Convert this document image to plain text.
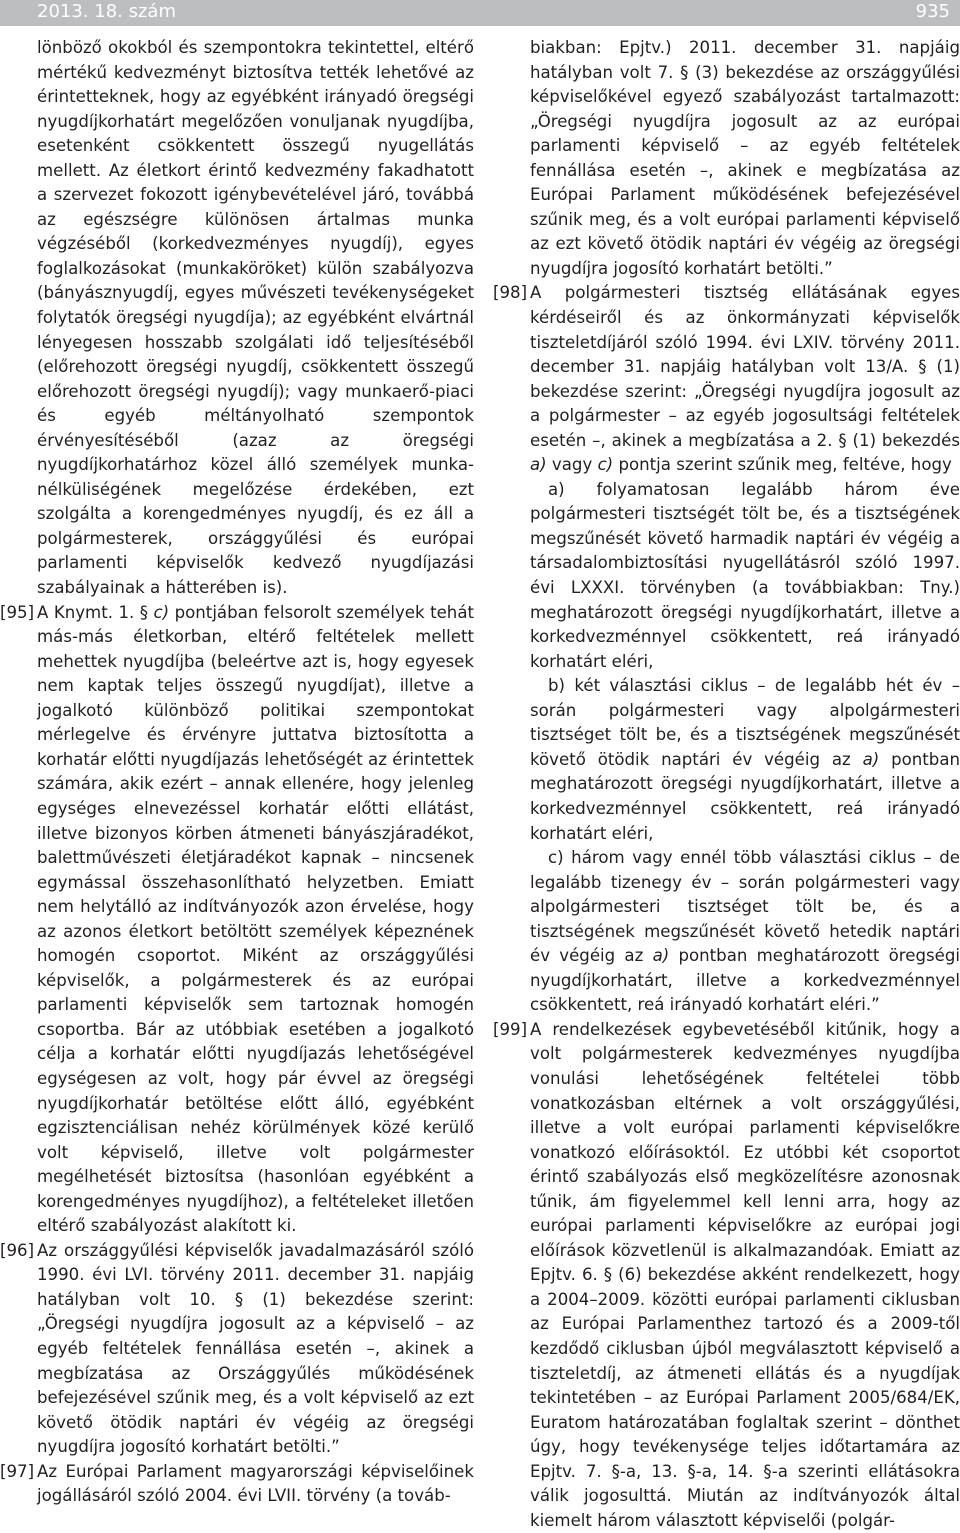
2013. 18. szám	935

lönböző okokból és szempontokra tekintettel, eltérő mértékű kedvezményt biztosítva tették lehetővé az érintetteknek, hogy az egyébként irányadó öregségi nyugdíjkorhatárt megelőzően vonuljanak nyugdíjba, esetenként csökkentett összegű nyugellátás mellett. Az életkort érintő kedvezmény fakadhatott a szervezet fokozott igénybevételével járó, továbbá az egészségre különösen ártalmas munka végzéséből (korkedvezményes nyugdíj), egyes foglalkozásokat (munkaköröket) külön szabályozva (bányásznyugdíj, egyes művészeti tevékenységeket folytatók öregségi nyugdíja); az egyébként elvártnál lényegesen hosszabb szolgálati idő teljesítéséből (előrehozott öregségi nyugdíj, csökkentett összegű előrehozott öregségi nyugdíj); vagy munkaerő-piaci és egyéb méltányolható szempontok érvényesítéséből (azaz az öregségi nyugdíjkorhatárhoz közel álló személyek munka-nélküliségének megelőzése érdekében, ezt szolgálta a korengedményes nyugdíj, és ez áll a polgármesterek, országgyűlési és európai parlamenti képviselők kedvező nyugdíjazási szabályainak a hátterében is).

[95] A Knymt. 1. § c) pontjában felsorolt személyek tehát más-más életkorban, eltérő feltételek mellett mehettek nyugdíjba (beleértve azt is, hogy egyesek nem kaptak teljes összegű nyugdíjat), illetve a jogalkotó különböző politikai szempontokat mérlegelve és érvényre juttatva biztosította a korhatár előtti nyugdíjazás lehetőségét az érintettek számára, akik ezért – annak ellenére, hogy jelenleg egységes elnevezéssel korhatár előtti ellátást, illetve bizonyos körben átmeneti bányászjáradékot, balettművészeti életjáradékot kapnak – nincsenek egymással összehasonlítható helyzetben. Emiatt nem helytálló az indítványozók azon érvelése, hogy az azonos életkort betöltött személyek képeznének homogén csoportot. Miként az országgyűlési képviselők, a polgármesterek és az európai parlamenti képviselők sem tartoznak homogén csoportba. Bár az utóbbiak esetében a jogalkotó célja a korhatár előtti nyugdíjazás lehetőségével egységesen az volt, hogy pár évvel az öregségi nyugdíjkorhatár betöltése előtt álló, egyébként egzisztenciálisan nehéz körülmények közé kerülő volt képviselő, illetve volt polgármester megélhetését biztosítsa (hasonlóan egyébként a korengedményes nyugdíjhoz), a feltételeket illetően eltérő szabályozást alakított ki.

[96] Az országgyűlési képviselők javadalmazásáról szóló 1990. évi LVI. törvény 2011. december 31. napjáig hatályban volt 10. § (1) bekezdése szerint: „Öregségi nyugdíjra jogosult az a képviselő – az egyéb feltételek fennállása esetén –, akinek a megbízatása az Országgyűlés működésének befejezésével szűnik meg, és a volt képviselő az ezt követő ötödik naptári év végéig az öregségi nyugdíjra jogosító korhatárt betölti.”

[97] Az Európai Parlament magyarországi képviselőinek jogállásáról szóló 2004. évi LVII. törvény (a továb-

biakban: Epjtv.) 2011. december 31. napjáig hatályban volt 7. § (3) bekezdése az országgyűlési képviselőkével egyező szabályozást tartalmazott: „Öregségi nyugdíjra jogosult az az európai parlamenti képviselő – az egyéb feltételek fennállása esetén –, akinek e megbízatása az Európai Parlament működésének befejezésével szűnik meg, és a volt európai parlamenti képviselő az ezt követő ötödik naptári év végéig az öregségi nyugdíjra jogosító korhatárt betölti.”

[98] A polgármesteri tisztség ellátásának egyes kérdéseiről és az önkormányzati képviselők tiszteletdíjáról szóló 1994. évi LXIV. törvény 2011. december 31. napjáig hatályban volt 13/A. § (1) bekezdése szerint: „Öregségi nyugdíjra jogosult az a polgármester – az egyéb jogosultsági feltételek esetén –, akinek a megbízatása a 2. § (1) bekezdés a) vagy c) pontja szerint szűnik meg, feltéve, hogy

a) folyamatosan legalább három éve polgármesteri tisztségét tölt be, és a tisztségének megszűnését követő harmadik naptári év végéig a társadalombiztosítási nyugellátásról szóló 1997. évi LXXXI. törvényben (a továbbiakban: Tny.) meghatározott öregségi nyugdíjkorhatárt, illetve a korkedvezménnyel csökkentett, reá irányadó korhatárt eléri,

b) két választási ciklus – de legalább hét év – során polgármesteri vagy alpolgármesteri tisztséget tölt be, és a tisztségének megszűnését követő ötödik naptári év végéig az a) pontban meghatározott öregségi nyugdíjkorhatárt, illetve a korkedvezménnyel csökkentett, reá irányadó korhatárt eléri,

c) három vagy ennél több választási ciklus – de legalább tizenegy év – során polgármesteri vagy alpolgármesteri tisztséget tölt be, és a tisztségének megszűnését követő hetedik naptári év végéig az a) pontban meghatározott öregségi nyugdíjkorhatárt, illetve a korkedvezménnyel csökkentett, reá irányadó korhatárt eléri.”

[99] A rendelkezések egybevetéséből kitűnik, hogy a volt polgármesterek kedvezményes nyugdíjba vonulási lehetőségének feltételei több vonatkozásban eltérnek a volt országgyűlési, illetve a volt európai parlamenti képviselőkre vonatkozó előírásoktól. Ez utóbbi két csoportot érintő szabályozás első megközelítésre azonosnak tűnik, ám figyelemmel kell lenni arra, hogy az európai parlamenti képviselőkre az európai jogi előírások közvetlenül is alkalmazandóak. Emiatt az Epjtv. 6. § (6) bekezdése akként rendelkezett, hogy a 2004–2009. közötti európai parlamenti ciklusban az Európai Parlamenthez tartozó és a 2009-től kezdődő ciklusban újból megválasztott képviselő a tiszteletdíj, az átmeneti ellátás és a nyugdíjak tekintetében – az Európai Parlament 2005/684/EK, Euratom határozatában foglaltak szerint – dönthet úgy, hogy tevékenysége teljes időtartamára az Epjtv. 7. §-a, 13. §-a, 14. §-a szerinti ellátásokra válik jogosulttá. Miután az indítványozók által kiemelt három választott képviselői (polgár-
